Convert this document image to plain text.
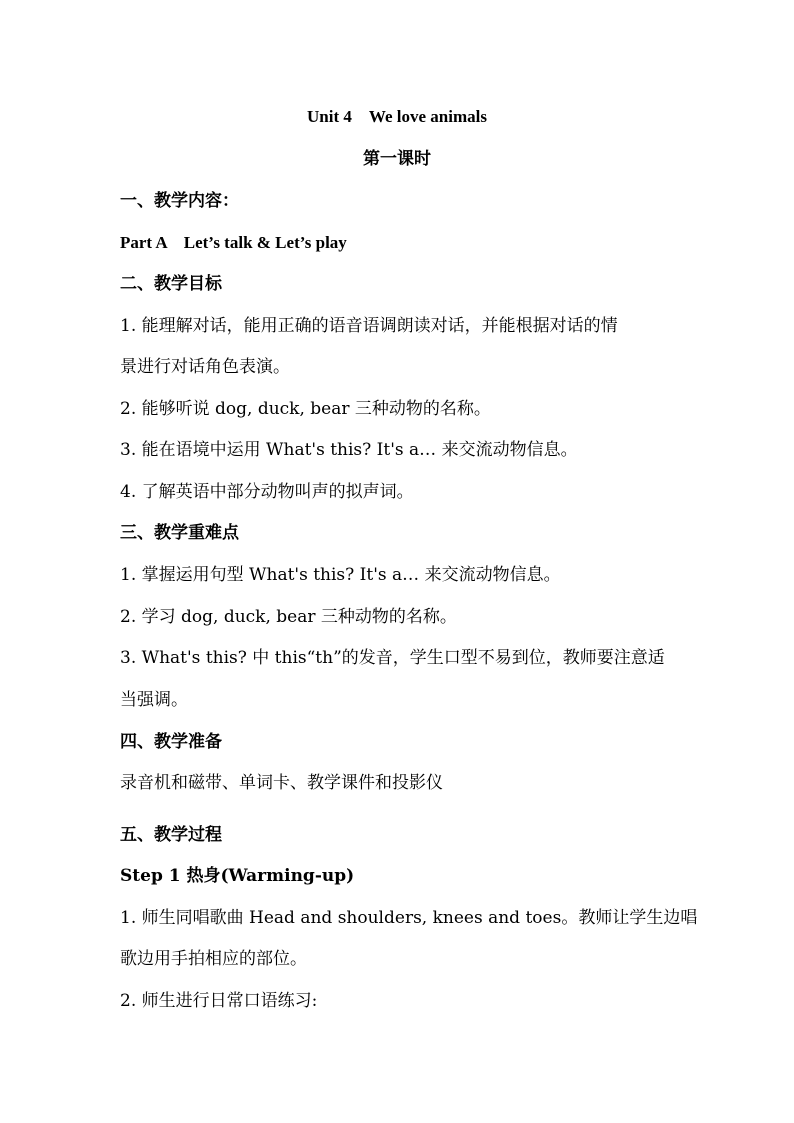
Unit 4　We love animals
第一课时
一、教学内容：
Part A　Let’s talk & Let’s play
二、教学目标
1. 能理解对话，能用正确的语音语调朗读对话，并能根据对话的情
景进行对话角色表演。
2. 能够听说 dog, duck, bear 三种动物的名称。
3. 能在语境中运用 What's this? It's a… 来交流动物信息。
4. 了解英语中部分动物叫声的拟声词。
三、教学重难点
1. 掌握运用句型 What's this? It's a… 来交流动物信息。
2. 学习 dog, duck, bear 三种动物的名称。
3. What's this? 中 this“th”的发音，学生口型不易到位，教师要注意适
当强调。
四、教学准备
录音机和磁带、单词卡、教学课件和投影仪
五、教学过程
Step 1 热身(Warming-up)
1. 师生同唱歌曲 Head and shoulders, knees and toes。教师让学生边唱
歌边用手拍相应的部位。
2. 师生进行日常口语练习:
